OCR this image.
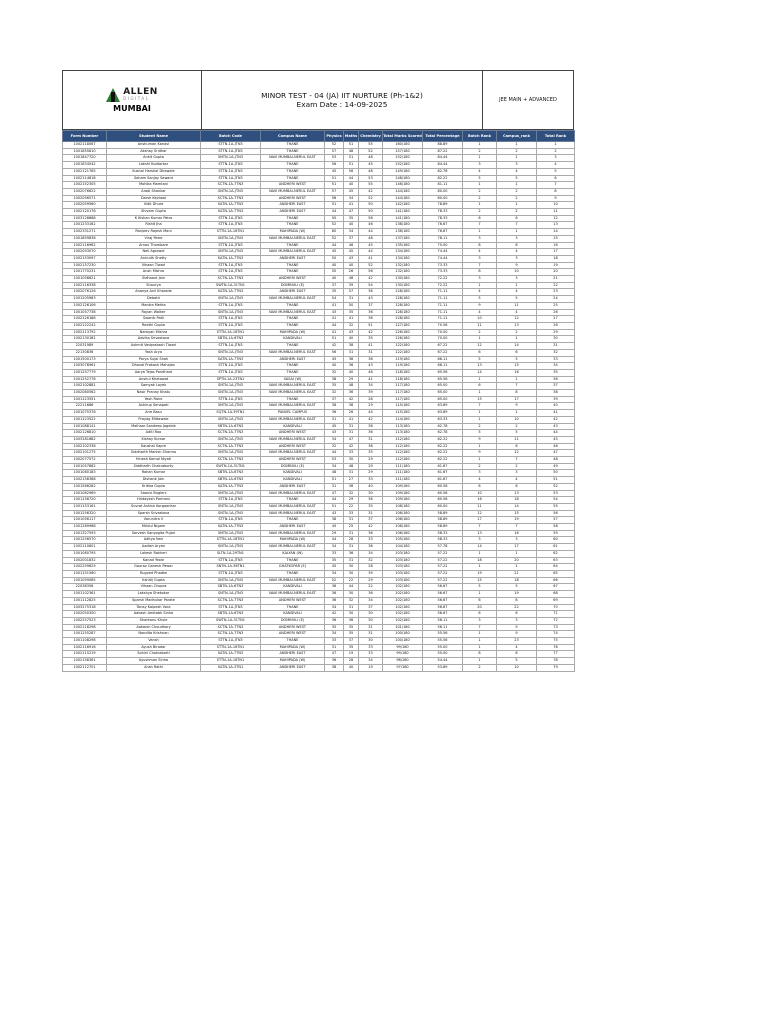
ALLEN
DIGITAL
MUMBAI
MINOR TEST - 04 (JA) IIT NURTURE (Ph-1&2)
Exam Date : 14-09-2025	JEE MAIN + ADVANCED
Form Number	Student Name	Batch Code	Campus Name	Physics	Maths	Chemistry	Total Marks Scored	Total Percentage	Batch Rank	Campus_rank	Total Rank
1002118067	Anshuman Kanavi	STTN-1A-JTN3	THANE	52	51	55	160/180	88.89	1	1	1
1001855810	Akshay Sridhar	STTN-1A-JTN3	THANE	57	48	52	157/180	87.22	2	2	2
1001847720	Ankit Gupta	SNTN-1A-JTN3	NAVI MUMBAI-NERUL EAST	53	51	48	152/180	84.44	1	1	3
1001834542	Lakshi Kudtarkar	STTN-1A-JTN3	THANE	56	51	45	152/180	84.44	3	3	4
1002121765	Kushal Harshal Dhawale	STTN-1A-JTN3	THANE	45	56	48	149/180	82.78	4	4	5
1002114818	Soham Sanjay Sawant	STTN-1A-JTN3	THANE	51	44	53	148/180	82.22	5	5	6
1002152305	Mohika Mamtani	SCTN-1A-7TN3	ANDHERI WEST	51	40	55	146/180	81.11	1	1	7
1002076622	Aradi Shankar	SNTN-1A-JTN3	NAVI MUMBAI-NERUL EAST	57	45	42	144/180	80.00	2	2	8
1002056571	Darsh Kejriwal	SCTN-1A-7TN3	ANDHERI WEST	58	34	52	144/180	80.00	2	2	9
1002059560	Vidit Dhure	SATN-1A-7TN3	ANDHERI EAST	51	41	50	142/180	78.89	1	1	10
1002120176	Shivam Gupta	SATN-1A-7TN3	ANDHERI EAST	44	47	50	141/180	78.33	2	2	11
1003128668	K Kishan Kumar Patro	STTN-1A-JTN3	THANE	50	35	56	141/180	78.33	6	6	12
1001233162	Rishit Jha	STTN-1A-JTN3	THANE	52	40	46	138/180	76.67	7	7	13
1002331271	Ranjeev Rajesh Mani	STTN-1A-16TN1	MAHIPADA (W)	60	34	44	138/180	76.67	1	1	14
1001859838	Viraj Patre	SNTN-1A-JTN3	NAVI MUMBAI-NERUL EAST	52	37	48	137/180	76.11	3	3	15
1002116962	Arnav Thombare	STTN-1A-JTN3	THANE	44	46	45	135/180	75.00	8	8	16
1002053070	Neil Agrawal	SNTN-1A-JTN3	NAVI MUMBAI-NERUL EAST	45	45	44	134/180	74.44	4	4	17
1002153097	Anirudh Shetty	SATN-1A-7TN3	ANDHERI EAST	50	43	41	134/180	74.44	3	3	18
1002157230	Vihaan Tiwari	STTN-1A-JTN3	THANE	40	40	52	132/180	73.33	7	9	19
1001770231	Ansh Mishra	STTN-1A-JTN3	THANE	50	26	56	132/180	73.33	8	10	20
1001056621	Sidhaant Jain	SCTN-1A-7TN3	ANDHERI WEST	40	48	42	130/180	72.22	3	3	21
1002116338	Shaurya	SWTN-1A-31TN1	DOMBIVLI (E)	37	39	54	130/180	72.22	1	1	22
1002076126	Ananya Anil Kharade	SATN-1A-7TN3	ANDHERI EAST	35	57	36	128/180	71.11	4	4	23
1001205983	Debatri	SNTN-1A-JTN3	NAVI MUMBAI-NERUL EAST	54	31	43	128/180	71.11	5	5	24
1002126106	Mantra Mehta	STTN-1A-JTN3	THANE	41	50	37	128/180	71.11	9	11	25
1001057738	Rayan Walker	SNTN-1A-JTN3	NAVI MUMBAI-NERUL EAST	43	35	36	128/180	71.11	4	4	26
1002126188	Swanik Patil	STTN-1A-JTN3	THANE	41	41	36	128/180	71.11	10	12	27
1002122242	Reethi Gupta	STTN-1A-JTN3	THANE	44	32	51	127/180	70.56	11	13	28
1002113792	Narayan Mishra	STTN-1A-16TN1	MAHIPADA (W)	41	43	42	126/180	70.00	2	2	29
1002130182	Advika Srivastava	SBTN-1A-6TN3	KANDIVALI	51	40	35	126/180	70.00	1	1	30
22031989	Ashmit Vedprakash Tiwari	STTN-1A-JTN3	THANE	42	38	41	122/180	67.22	12	14	31
22130836	Yash Arya	SNTN-1A-JTN3	NAVI MUMBAI-NERUL EAST	56	31	31	122/180	67.22	6	6	32
1001500173	Parya Sujal Shah	SATN-1A-7TN3	ANDHERI EAST	45	38	36	119/180	66.11	5	5	33
1003076961	Dhaval Prakash Mahajan	STTN-1A-JTN3	THANE	40	36	43	119/180	66.11	13	15	34
1001257779	Aarya Tejas Pandhare	STTN-1A-JTN3	THANE	32	40	46	118/180	65.56	14	16	35
1001252776	Anshul Khetawat	SPTN-1A-23TN1	VASAI (W)	38	29	41	118/180	65.56	1	1	36
1002102881	Samyak Layek	SNTN-1A-JTN3	NAVI MUMBAI-NERUL EAST	35	48	34	117/180	65.00	6	7	37
1002080562	Nasir Pranay Khatu	SNTN-1A-JTN3	NAVI MUMBAI-NERUL EAST	32	36	39	117/180	65.00	1	8	38
1001123551	Yash Rane	STTN-1A-JTN3	THANE	37	42	28	117/180	65.00	15	17	39
22211686	Ashirup Senapati	SNTN-1A-JTN3	NAVI MUMBAI-NERUL EAST	38	38	29	115/180	63.89	7	9	40
1001075376	Arie Basu	SQTN-1A-39TN1	PANVEL CAMPUS	36	26	44	115/180	63.89	1	1	41
1001123522	Prayag Mittawale	SNTN-1A-JTN3	NAVI MUMBAI-NERUL EAST	31	41	42	114/180	63.33	1	10	42
1001088141	Malhaar Sandeep Jagdale	SBTN-1A-6TN3	KANDIVALI	45	31	36	113/180	62.78	2	2	43
1002126810	Aditi Rao	SCTN-1A-7TN3	ANDHERI WEST	43	31	36	113/180	62.78	5	5	44
1003281682	Kishay Kumar	SNTN-1A-JTN3	NAVI MUMBAI-NERUL EAST	34	47	31	112/180	62.22	9	11	45
1002102338	Kaushal Sapre	SCTN-1A-7TN3	ANDHERI WEST	32	42	38	112/180	62.22	1	6	46
1002101275	Siddharth Manish Sharma	SNTN-1A-JTN3	NAVI MUMBAI-NERUL EAST	44	33	35	112/180	62.22	9	12	47
1002077572	Hinesh Komal Niyati	SCTN-1A-7TN3	ANDHERI WEST	53	30	29	112/180	62.22	1	7	48
1001057882	Siddharth Chakraborty	SWTN-1A-31TN1	DOMBIVLI (E)	34	48	29	111/180	61.67	2	2	49
1001080183	Rohan Kumar	SBTN-1A-6TN3	KANDIVALI	48	31	29	111/180	61.67	3	3	50
1002158368	Dishank Jain	SBTN-1A-6TN3	KANDIVALI	51	27	33	111/180	61.67	4	4	51
1001566282	Kritika Gupta	SATN-1A-7TN3	ANDHERI EAST	31	38	40	109/180	60.56	6	6	52
1001082969	Saanvi Bugleni	SNTN-1A-JTN3	NAVI MUMBAI-NERUL EAST	47	32	30	109/180	60.56	10	13	53
1001158720	Hridayesh Parmani	STTN-1A-JTN3	THANE	44	29	36	109/180	60.56	16	18	54
1001153161	Suvrat Ashish Korgaonkar	SNTN-1A-JTN3	NAVI MUMBAI-NERUL EAST	51	22	35	108/180	60.00	11	14	55
1001256320	Sparsh Srivastava	SNTN-1A-JTN3	NAVI MUMBAI-NERUL EAST	43	33	31	106/180	58.89	12	15	56
1001056117	Varunitra V	STTN-1A-JTN3	THANE	38	31	37	106/180	58.89	17	19	57
1001289968	Mridul Nigam	SATN-1A-7TN3	ANDHERI EAST	45	25	42	106/180	58.89	7	7	58
1001327593	Sarvesh Sanyogita Pujari	SNTN-1A-JTN3	NAVI MUMBAI-NERUL EAST	29	31	36	106/180	58.33	13	16	59
1001256570	Aditya Nair	STTN-1A-16TN1	MAHIPADA (W)	44	28	33	105/180	58.33	3	3	60
1002110601	Aadish Aryan	SNTN-1A-JTN3	NAVI MUMBAI-NERUL EAST	34	31	36	104/180	57.78	14	17	61
1001080795	Lokesh Rakheri	SLTN-1A-29TN1	KALYAN (W)	33	36	34	103/180	57.22	1	1	62
1002001832	Kanad Yeole	STTN-1A-JTN3	THANE	35	31	32	103/180	57.22	18	20	63
1002259629	Gaurav Ganesh Pawar	SNTN-1A-36TN1	GHATKOPAR (E)	45	30	28	103/180	57.22	1	1	64
1001151560	Rugved Phadke	STTN-1A-JTN3	THANE	34	30	39	103/180	57.22	19	21	65
1001059085	Kshitij Gupta	SNTN-1A-JTN3	NAVI MUMBAI-NERUL EAST	52	22	29	103/180	57.22	15	18	66
22036356	Vihaan Chopra	SBTN-1A-6TN3	KANDIVALI	36	44	22	102/180	56.67	5	5	67
1001102361	Lakshya Shekokar	SNTN-1A-JTN3	NAVI MUMBAI-NERUL EAST	36	30	36	102/180	56.67	1	19	68
1001112825	Sparsh Madhukar Parate	SCTN-1A-7TN3	ANDHERI WEST	36	32	34	102/180	56.67	6	8	69
1003275318	Tanay Kalpesh Vora	STTN-1A-JTN3	THANE	34	31	37	102/180	56.67	20	22	70
1002050300	Aakash Amitabh Sinha	SBTN-1A-6TN3	KANDIVALI	42	30	30	102/180	56.67	6	6	71
1002257523	Shantanu Khule	SWTN-1A-31TN1	DOMBIVLI (E)	36	36	30	102/180	56.11	3	3	72
1002118298	Aakarsh Choudhary	SCTN-1A-7TN3	ANDHERI WEST	35	35	31	101/180	56.11	7	9	73
1001255287	Nandita Krishnan	SCTN-1A-7TN3	ANDHERI WEST	34	35	31	100/180	55.56	1	9	74
1001108298	Vansh	STTN-1A-JTN3	THANE	33	37	30	100/180	55.56	1	23	75
1002116916	Ayush Biradar	STTN-1A-16TN1	MAHIPADA (W)	31	35	33	99/180	55.00	1	4	76
1002115219	Sohini Chakraborti	SATN-1A-7TN3	ANDHERI EAST	47	19	33	99/180	55.00	8	8	77
1002158361	Ayushman Sinha	STTN-1A-16TN1	MAHIPADA (W)	36	28	34	98/180	54.44	1	5	78
1002112701	Ansh Rathi	SATN-1A-3TN1	ANDHERI EAST	38	40	19	97/180	53.89	2	10	79
